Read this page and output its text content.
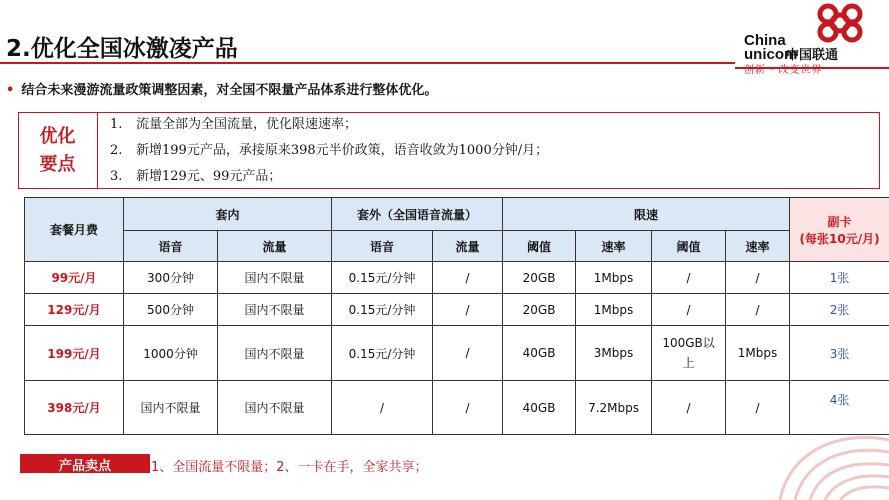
2.优化全国冰激凌产品	China
unicom
中国联通
创新 · 改变世界
• 结合未来漫游流量政策调整因素，对全国不限量产品体系进行整体优化。
优化
要点
1. 流量全部为全国流量，优化限速速率；
2. 新增199元产品，承接原来398元半价政策，语音收敛为1000分钟/月；
3. 新增129元、99元产品；
套餐月费	套内		套外（全国语音流量）		限速				副卡
(每张10元/月)

	语音	流量	语音	流量	阈值	速率	阈值	速率	
99元/月	300分钟	国内不限量	0.15元/分钟	/	20GB	1Mbps	/	/	1张
129元/月	500分钟	国内不限量	0.15元/分钟	/	20GB	1Mbps	/	/	2张
199元/月	1000分钟	国内不限量	0.15元/分钟	/	40GB	3Mbps	100GB以上	1Mbps	3张
398元/月	国内不限量	国内不限量	/	/	40GB	7.2Mbps	/	/	4张
产品卖点	1、全国流量不限量；2、一卡在手，全家共享；
